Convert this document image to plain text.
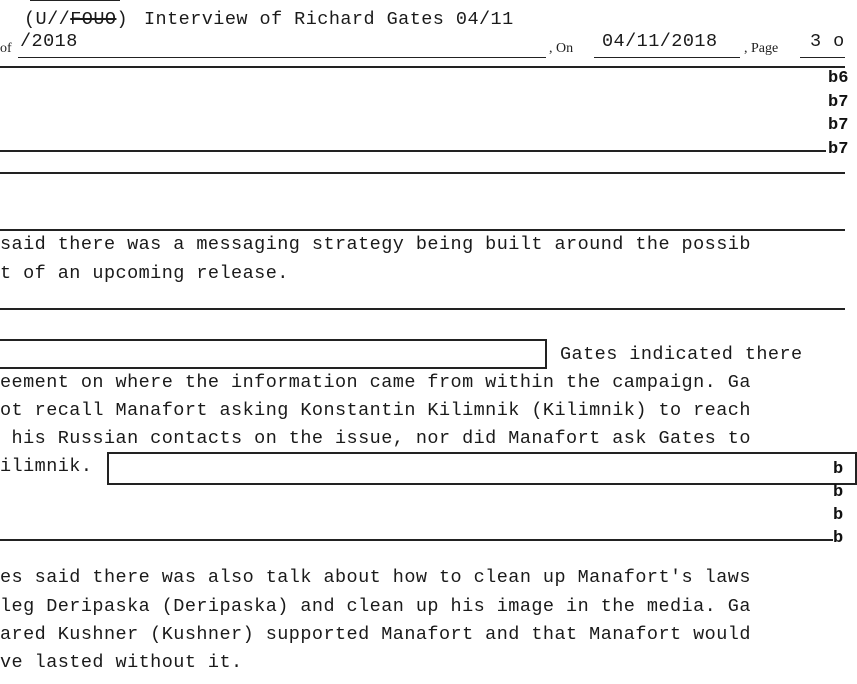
(U//FOUO) Interview of Richard Gates 04/11
/2018
of	, On 04/11/2018 , Page 3 o
b6
b7
b7
b7
said there was a messaging strategy being built around the possib
t of an upcoming release.
Gates indicated there
eement on where the information came from within the campaign. Ga
ot recall Manafort asking Konstantin Kilimnik (Kilimnik) to reach
his Russian contacts on the issue, nor did Manafort ask Gates to
ilimnik.	b
b
b
b
es said there was also talk about how to clean up Manafort's laws
leg Deripaska (Deripaska) and clean up his image in the media. Ga
ared Kushner (Kushner) supported Manafort and that Manafort would
ve lasted without it.
